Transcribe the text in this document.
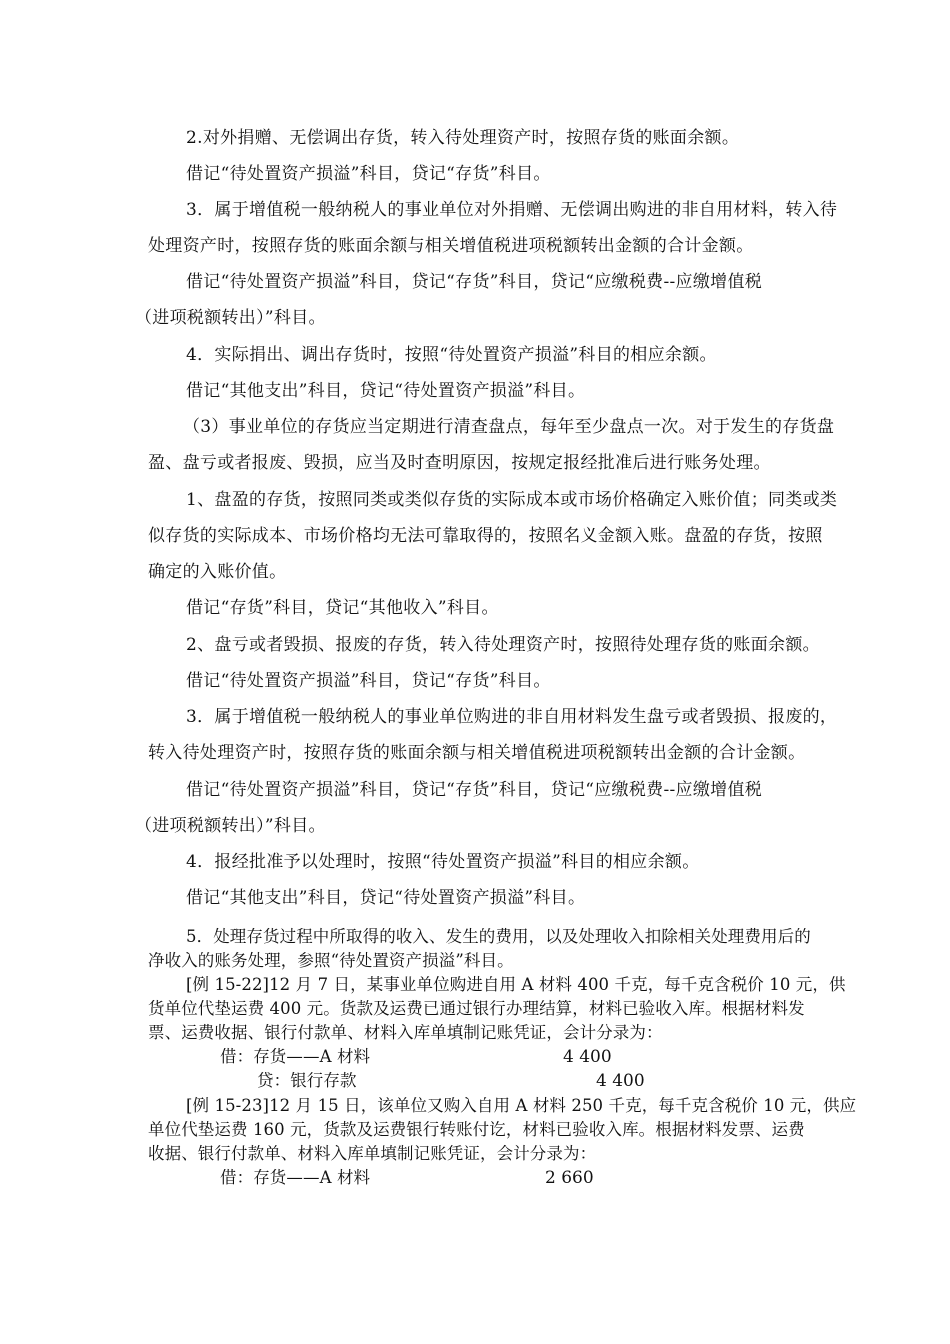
2.对外捐赠、无偿调出存货，转入待处理资产时，按照存货的账面余额。

借记“待处置资产损溢”科目，贷记“存货”科目。

3．属于增值税一般纳税人的事业单位对外捐赠、无偿调出购进的非自用材料，转入待

处理资产时，按照存货的账面余额与相关增值税进项税额转出金额的合计金额。

借记“待处置资产损溢”科目，贷记“存货”科目，贷记“应缴税费--应缴增值税

（进项税额转出）”科目。

4．实际捐出、调出存货时，按照“待处置资产损溢”科目的相应余额。

借记“其他支出”科目，贷记“待处置资产损溢”科目。

（3）事业单位的存货应当定期进行清查盘点，每年至少盘点一次。对于发生的存货盘

盈、盘亏或者报废、毁损，应当及时查明原因，按规定报经批准后进行账务处理。

1、盘盈的存货，按照同类或类似存货的实际成本或市场价格确定入账价值；同类或类

似存货的实际成本、市场价格均无法可靠取得的，按照名义金额入账。盘盈的存货，按照

确定的入账价值。

借记“存货”科目，贷记“其他收入”科目。

2、盘亏或者毁损、报废的存货，转入待处理资产时，按照待处理存货的账面余额。

借记“待处置资产损溢”科目，贷记“存货”科目。

3．属于增值税一般纳税人的事业单位购进的非自用材料发生盘亏或者毁损、报废的，

转入待处理资产时，按照存货的账面余额与相关增值税进项税额转出金额的合计金额。

借记“待处置资产损溢”科目，贷记“存货”科目，贷记“应缴税费--应缴增值税

（进项税额转出）”科目。

4．报经批准予以处理时，按照“待处置资产损溢”科目的相应余额。

借记“其他支出”科目，贷记“待处置资产损溢”科目。

5．处理存货过程中所取得的收入、发生的费用，以及处理收入扣除相关处理费用后的

净收入的账务处理，参照“待处置资产损溢”科目。

[例 15-22]12 月 7 日，某事业单位购进自用 A 材料 400 千克，每千克含税价 10 元，供

货单位代垫运费 400 元。货款及运费已通过银行办理结算，材料已验收入库。根据材料发

票、运费收据、银行付款单、材料入库单填制记账凭证，会计分录为：

借：存货——A 材料	4 400

贷：银行存款	4 400

[例 15-23]12 月 15 日，该单位又购入自用 A 材料 250 千克，每千克含税价 10 元，供应

单位代垫运费 160 元，货款及运费银行转账付讫，材料已验收入库。根据材料发票、运费

收据、银行付款单、材料入库单填制记账凭证，会计分录为：

借：存货——A 材料	2 660
